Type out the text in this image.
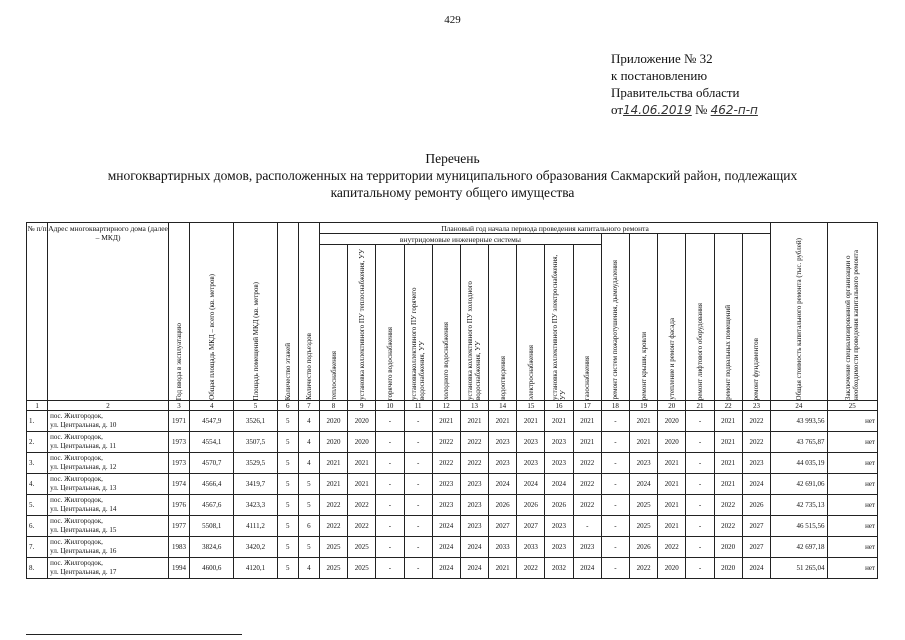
429
Приложение № 32
к постановлению
Правительства области
от14.06.2019 № 462-п-п
Перечень
многоквартирных домов, расположенных на территории муниципального образования Сакмарский район, подлежащих
капитальному ремонту общего имущества
№ п/п	Адрес многоквартирного дома (далее – МКД)	Год ввода в эксплуатацию	Общая площадь МКД – всего (кв. метров)	Площадь помещений МКД (кв. метров)	Количество этажей	Количество подъездов	Плановый год начала периода проведения капитального ремонта																Общая стоимость капитального ремонта (тыс. рублей)	Заключение специализированной организации о необходимости проведения капитального ремонта

							внутридомовые инженерные системы										ремонт систем пожаротушения, дымоудаления	ремонт крыши, кровли	утепление и ремонт фасада	ремонт лифтового оборудования	ремонт подвальных помещений	ремонт фундаментов		

							теплоснабжения	установка коллективного ПУ теплоснабжения, УУ	горячего водоснабжения	установкаколлективного ПУ горячего водоснабжения, УУ	холодного водоснабжения	установка коллективного ПУ холодного водоснабжения, УУ	водоотведения	электроснабжения	установка коллективного ПУ электроснабжения, УУ	газоснабжения								

1	2	3	4	5	6	7	8	9	10	11	12	13	14	15	16	17	18	19	20	21	22	23	24	25
1.	пос. Жилгородок,
ул. Центральная, д. 10	1971	4547,9	3526,1	5	4	2020	2020	-	-	2021	2021	2021	2021	2021	2021	-	2021	2020	-	2021	2022	43 993,56	нет
2.	пос. Жилгородок,
ул. Центральная, д. 11	1973	4554,1	3507,5	5	4	2020	2020	-	-	2022	2022	2023	2023	2023	2021	-	2021	2020	-	2021	2022	43 765,87	нет
3.	пос. Жилгородок,
ул. Центральная, д. 12	1973	4570,7	3529,5	5	4	2021	2021	-	-	2022	2022	2023	2023	2023	2022	-	2023	2021	-	2021	2023	44 035,19	нет
4.	пос. Жилгородок,
ул. Центральная, д. 13	1974	4566,4	3419,7	5	5	2021	2021	-	-	2023	2023	2024	2024	2024	2022	-	2024	2021	-	2021	2024	42 691,06	нет
5.	пос. Жилгородок,
ул. Центральная, д. 14	1976	4567,6	3423,3	5	5	2022	2022	-	-	2023	2023	2026	2026	2026	2022	-	2025	2021	-	2022	2026	42 735,13	нет
6.	пос. Жилгородок,
ул. Центральная, д. 15	1977	5508,1	4111,2	5	6	2022	2022	-	-	2024	2023	2027	2027	2023	-	-	2025	2021	-	2022	2027	46 515,56	нет
7.	пос. Жилгородок,
ул. Центральная, д. 16	1983	3824,6	3420,2	5	5	2025	2025	-	-	2024	2024	2033	2033	2023	2023	-	2026	2022	-	2020	2027	42 697,18	нет
8.	пос. Жилгородок,
ул. Центральная, д. 17	1994	4600,6	4120,1	5	4	2025	2025	-	-	2024	2024	2021	2022	2032	2024	-	2022	2020	-	2020	2024	51 265,04	нет
